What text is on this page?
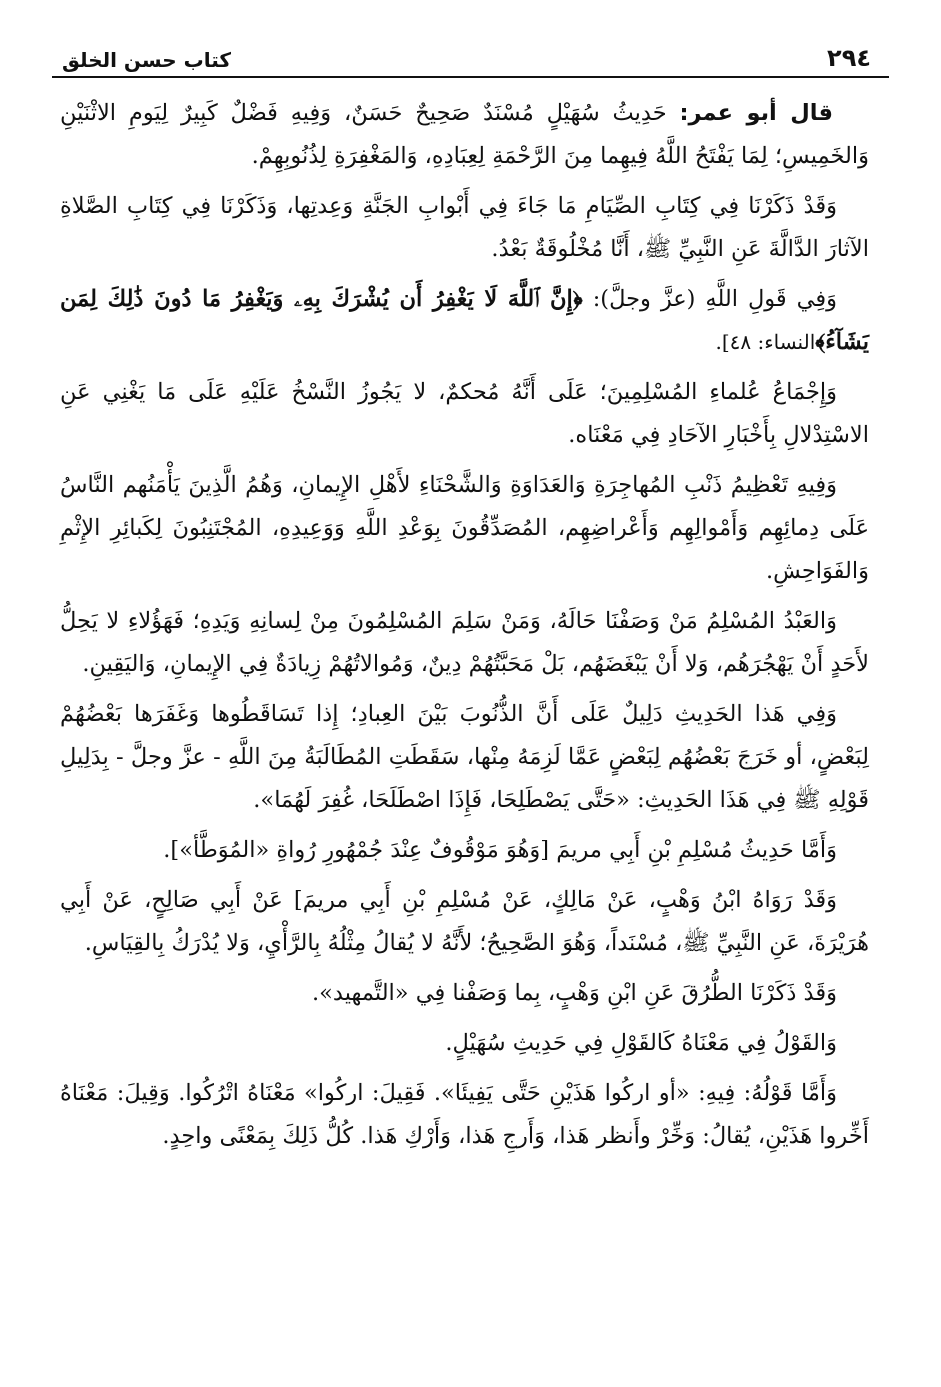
كتاب حسن الخلق	٢٩٤

قال أبو عمر: حَدِيثُ سُهَيْلٍ مُسْنَدٌ صَحِيحٌ حَسَنٌ، وَفِيهِ فَضْلٌ كَبِيرٌ لِيَومِ الاثْنَيْنِ وَالخَمِيسِ؛ لِمَا يَفْتَحُ اللَّهُ فِيهِما مِنَ الرَّحْمَةِ لِعِبَادِهِ، وَالمَغْفِرَةِ لِذُنُوبِهِمْ.

وَقَدْ ذَكَرْنَا فِي كِتَابِ الصِّيَامِ مَا جَاءَ فِي أَبْوابِ الجَنَّةِ وَعِدتِها، وَذَكَرْنَا فِي كِتَابِ الصَّلاةِ الآثارَ الدَّالَّةَ عَنِ النَّبِيِّ ﷺ، أَنَّا مُخْلُوقَةٌ بَعْدُ.

وَفِي قَولِ اللَّهِ (عزَّ وجلَّ): ﴿إِنَّ ٱللَّهَ لَا يَغْفِرُ أَن يُشْرَكَ بِهِۦ وَيَغْفِرُ مَا دُونَ ذَٰلِكَ لِمَن يَشَآءُ﴾النساء: ٤٨].

وَإِجْمَاعُ عُلماءِ المُسْلِمِينَ؛ عَلَى أَنَّهُ مُحكمٌ، لا يَجُوزُ النَّسْخُ عَلَيْهِ عَلَى مَا يَغْنِي عَنِ الاسْتِدْلالِ بِأَخْبَارِ الآحَادِ فِي مَعْنَاه.

وَفِيهِ تَعْظِيمُ ذَنْبِ المُهاجِرَةِ وَالعَدَاوَةِ وَالشَّحْنَاءِ لأَهْلِ الإِيمانِ، وَهُمُ الَّذِينَ يَأْمَنُهم النَّاسُ عَلَى دِمائِهِم وَأَمْوالِهِم وَأَعْراضِهِم، المُصَدِّقُونَ بِوَعْدِ اللَّهِ وَوَعِيدِهِ، المُجْتَنِبُونَ لِكَبائِرِ الإِثْمِ وَالفَوَاحِشِ.

وَالعَبْدُ المُسْلِمُ مَنْ وَصَفْنَا حَالَهُ، وَمَنْ سَلِمَ المُسْلِمُونَ مِنْ لِسانِهِ وَيَدِهِ؛ فَهَؤُلاءِ لا يَحِلُّ لأَحَدٍ أَنْ يَهْجُرَهُم، وَلا أَنْ يَبْغَضَهُم، بَلْ مَحَبَّتُهُمْ دِينٌ، وَمُوالاتُهُمْ زِيادَةٌ فِي الإِيمانِ، وَاليَقِينِ.

وَفِي هَذا الحَدِيثِ دَلِيلٌ عَلَى أَنَّ الذُّنُوبَ بَيْنَ العِبادِ؛ إِذا تَسَاقَطُوها وَغَفَرَها بَعْضُهُمْ لِبَعْضٍ، أو خَرَجَ بَعْضُهُم لِبَعْضٍ عَمَّا لَزِمَهُ مِنْها، سَقَطَتِ المُطَالَبَةُ مِنَ اللَّهِ - عزَّ وجلَّ - بِدَلِيلِ قَوْلِهِ ﷺ فِي هَذَا الحَدِيثِ: «حَتَّى يَصْطَلِحَا، فَإِذَا اصْطَلَحَا، غُفِرَ لَهُمَا».

وَأَمَّا حَدِيثُ مُسْلِمِ بْنِ أَبِي مريمَ [وَهُوَ مَوْقُوفٌ عِنْدَ جُمْهُورِ رُواةِ «المُوَطَّأ»].

وَقَدْ رَوَاهُ ابْنُ وَهْبٍ، عَنْ مَالِكٍ، عَنْ مُسْلِمِ بْنِ أَبِي مريمَ] عَنْ أَبِي صَالِحٍ، عَنْ أَبِي هُرَيْرَةَ، عَنِ النَّبِيِّ ﷺ، مُسْنَداً، وَهُوَ الصَّحِيحُ؛ لأَنَّهُ لا يُقالُ مِثْلُهُ بِالرَّأْيِ، وَلا يُدْرَكُ بِالقِيَاسِ.

وَقَدْ ذَكَرْنَا الطُّرُقَ عَنِ ابْنِ وَهْبٍ، بِما وَصَفْنا فِي «التَّمهيد».

وَالقَوْلُ فِي مَعْنَاهُ كَالقَوْلِ فِي حَدِيثِ سُهَيْلٍ.

وَأَمَّا قَوْلُهُ: فِيهِ: «أو اركُوا هَذَيْنِ حَتَّى يَفِيئَا». فَقِيلَ: اركُوا» مَعْنَاهُ اتْرُكُوا. وَقِيلَ: مَعْنَاهُ أَخِّروا هَذَيْنِ، يُقالُ: وَخِّرْ وأَنظر هَذا، وَأَرجِ هَذا، وَأَرْكِ هَذا. كُلُّ ذَلِكَ بِمَعْنًى واحِدٍ.
